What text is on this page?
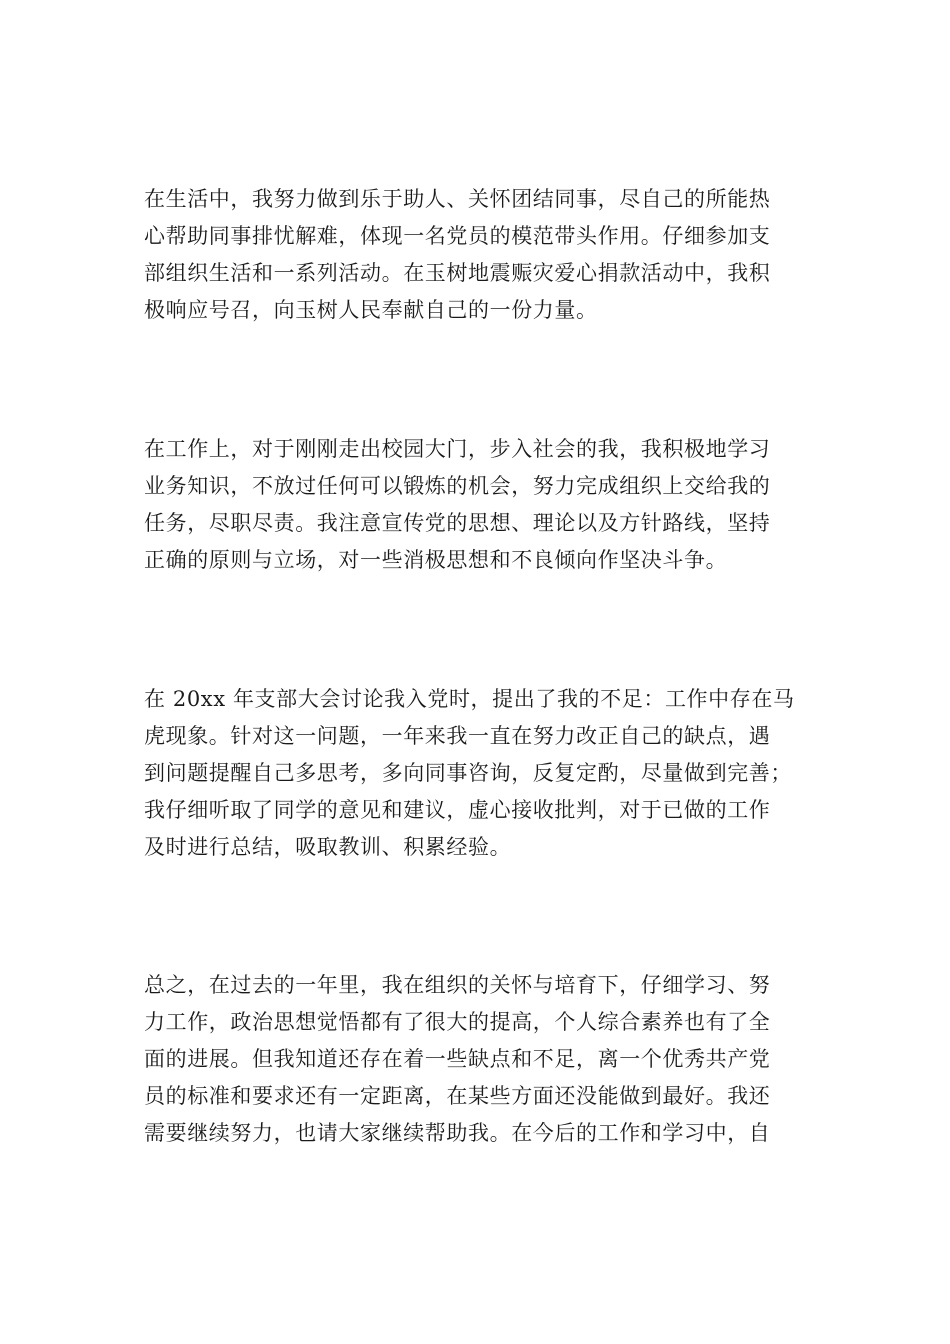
在生活中，我努力做到乐于助人、关怀团结同事，尽自己的所能热
心帮助同事排忧解难，体现一名党员的模范带头作用。仔细参加支
部组织生活和一系列活动。在玉树地震赈灾爱心捐款活动中，我积
极响应号召，向玉树人民奉献自己的一份力量。
在工作上，对于刚刚走出校园大门，步入社会的我，我积极地学习
业务知识，不放过任何可以锻炼的机会，努力完成组织上交给我的
任务，尽职尽责。我注意宣传党的思想、理论以及方针路线，坚持
正确的原则与立场，对一些消极思想和不良倾向作坚决斗争。
在 20xx 年支部大会讨论我入党时，提出了我的不足：工作中存在马
虎现象。针对这一问题，一年来我一直在努力改正自己的缺点，遇
到问题提醒自己多思考，多向同事咨询，反复定酌，尽量做到完善；
我仔细听取了同学的意见和建议，虚心接收批判，对于已做的工作
及时进行总结，吸取教训、积累经验。
总之，在过去的一年里，我在组织的关怀与培育下，仔细学习、努
力工作，政治思想觉悟都有了很大的提高，个人综合素养也有了全
面的进展。但我知道还存在着一些缺点和不足，离一个优秀共产党
员的标准和要求还有一定距离，在某些方面还没能做到最好。我还
需要继续努力，也请大家继续帮助我。在今后的工作和学习中，自
